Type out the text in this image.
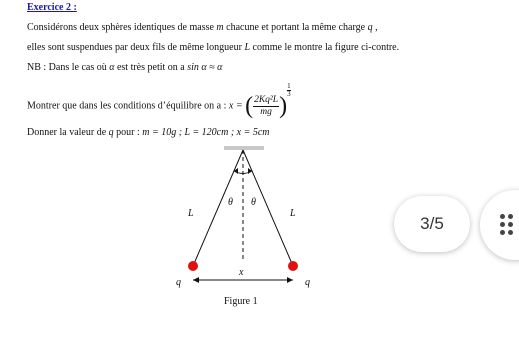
Exercice 2 :
Considérons deux sphères identiques de masse m chacune et portant la même charge q ,
elles sont suspendues par deux fils de même longueur L comme le montre la figure ci-contre.
NB : Dans le cas où α est très petit on a sin α ≈ α
Montrer que dans les conditions d’équilibre on a : x = ( $\frac{\text{2Kq²L}}{mg}$ )
$\frac{1}{3}$
Donner la valeur de q pour : m = 10g ; L = 120cm ; x = 5cm
θ θ
L	L
x
q	q
Figure 1
3/5
